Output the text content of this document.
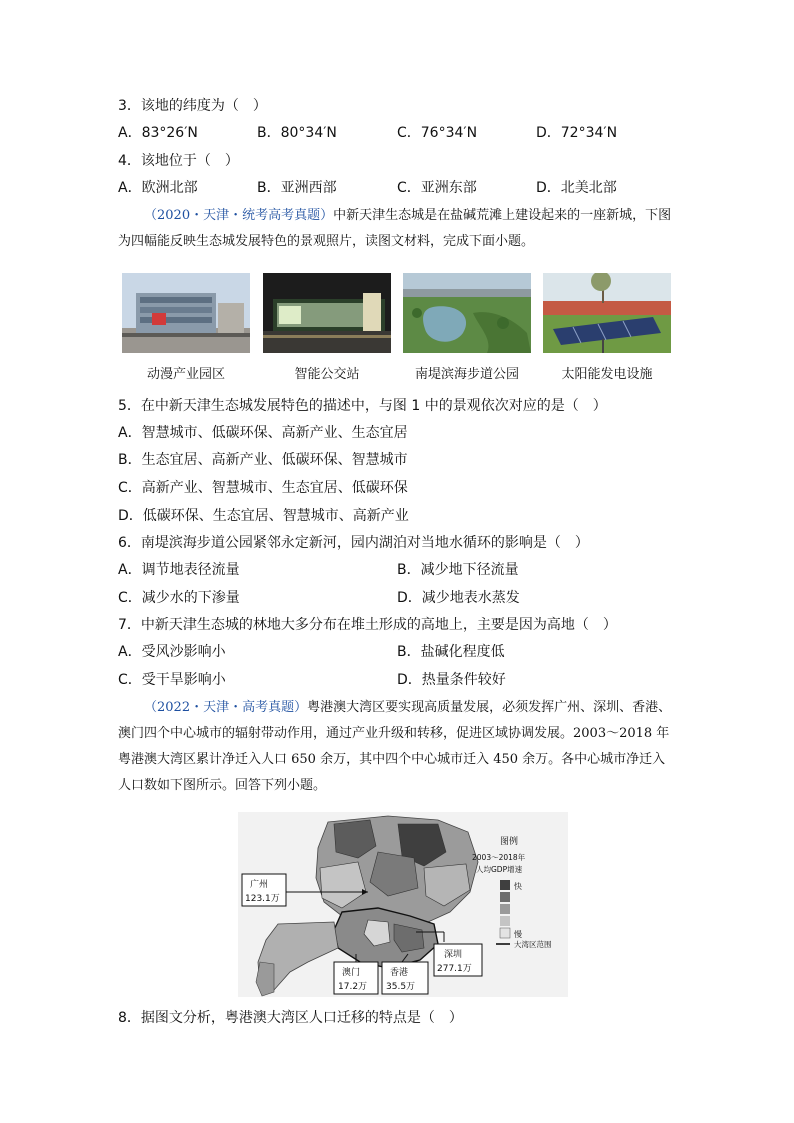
3．该地的纬度为（　）
A．83°26′N	B．80°34′N	C．76°34′N	D．72°34′N
4．该地位于（　）
A．欧洲北部	B．亚洲西部	C．亚洲东部	D．北美北部
（2020・天津・统考高考真题）中新天津生态城是在盐碱荒滩上建设起来的一座新城，下图为四幅能反映生态城发展特色的景观照片，读图文材料，完成下面小题。
动漫产业园区	智能公交站	南堤滨海步道公园	太阳能发电设施
5．在中新天津生态城发展特色的描述中，与图 1 中的景观依次对应的是（　）
A．智慧城市、低碳环保、高新产业、生态宜居
B．生态宜居、高新产业、低碳环保、智慧城市
C．高新产业、智慧城市、生态宜居、低碳环保
D．低碳环保、生态宜居、智慧城市、高新产业
6．南堤滨海步道公园紧邻永定新河，园内湖泊对当地水循环的影响是（　）
A．调节地表径流量	B．减少地下径流量
C．减少水的下渗量	D．减少地表水蒸发
7．中新天津生态城的林地大多分布在堆土形成的高地上，主要是因为高地（　）
A．受风沙影响小	B．盐碱化程度低
C．受干旱影响小	D．热量条件较好
（2022・天津・高考真题）粤港澳大湾区要实现高质量发展，必须发挥广州、深圳、香港、澳门四个中心城市的辐射带动作用，通过产业升级和转移，促进区域协调发展。2003～2018 年粤港澳大湾区累计净迁入人口 650 余万，其中四个中心城市迁入 450 余万。各中心城市净迁入人口数如下图所示。回答下列小题。
图例
2003～2018年
人均GDP增速
快
慢
大湾区范围
广州
123.1万
深圳
277.1万
澳门
17.2万
香港
35.5万
8．据图文分析，粤港澳大湾区人口迁移的特点是（　）
